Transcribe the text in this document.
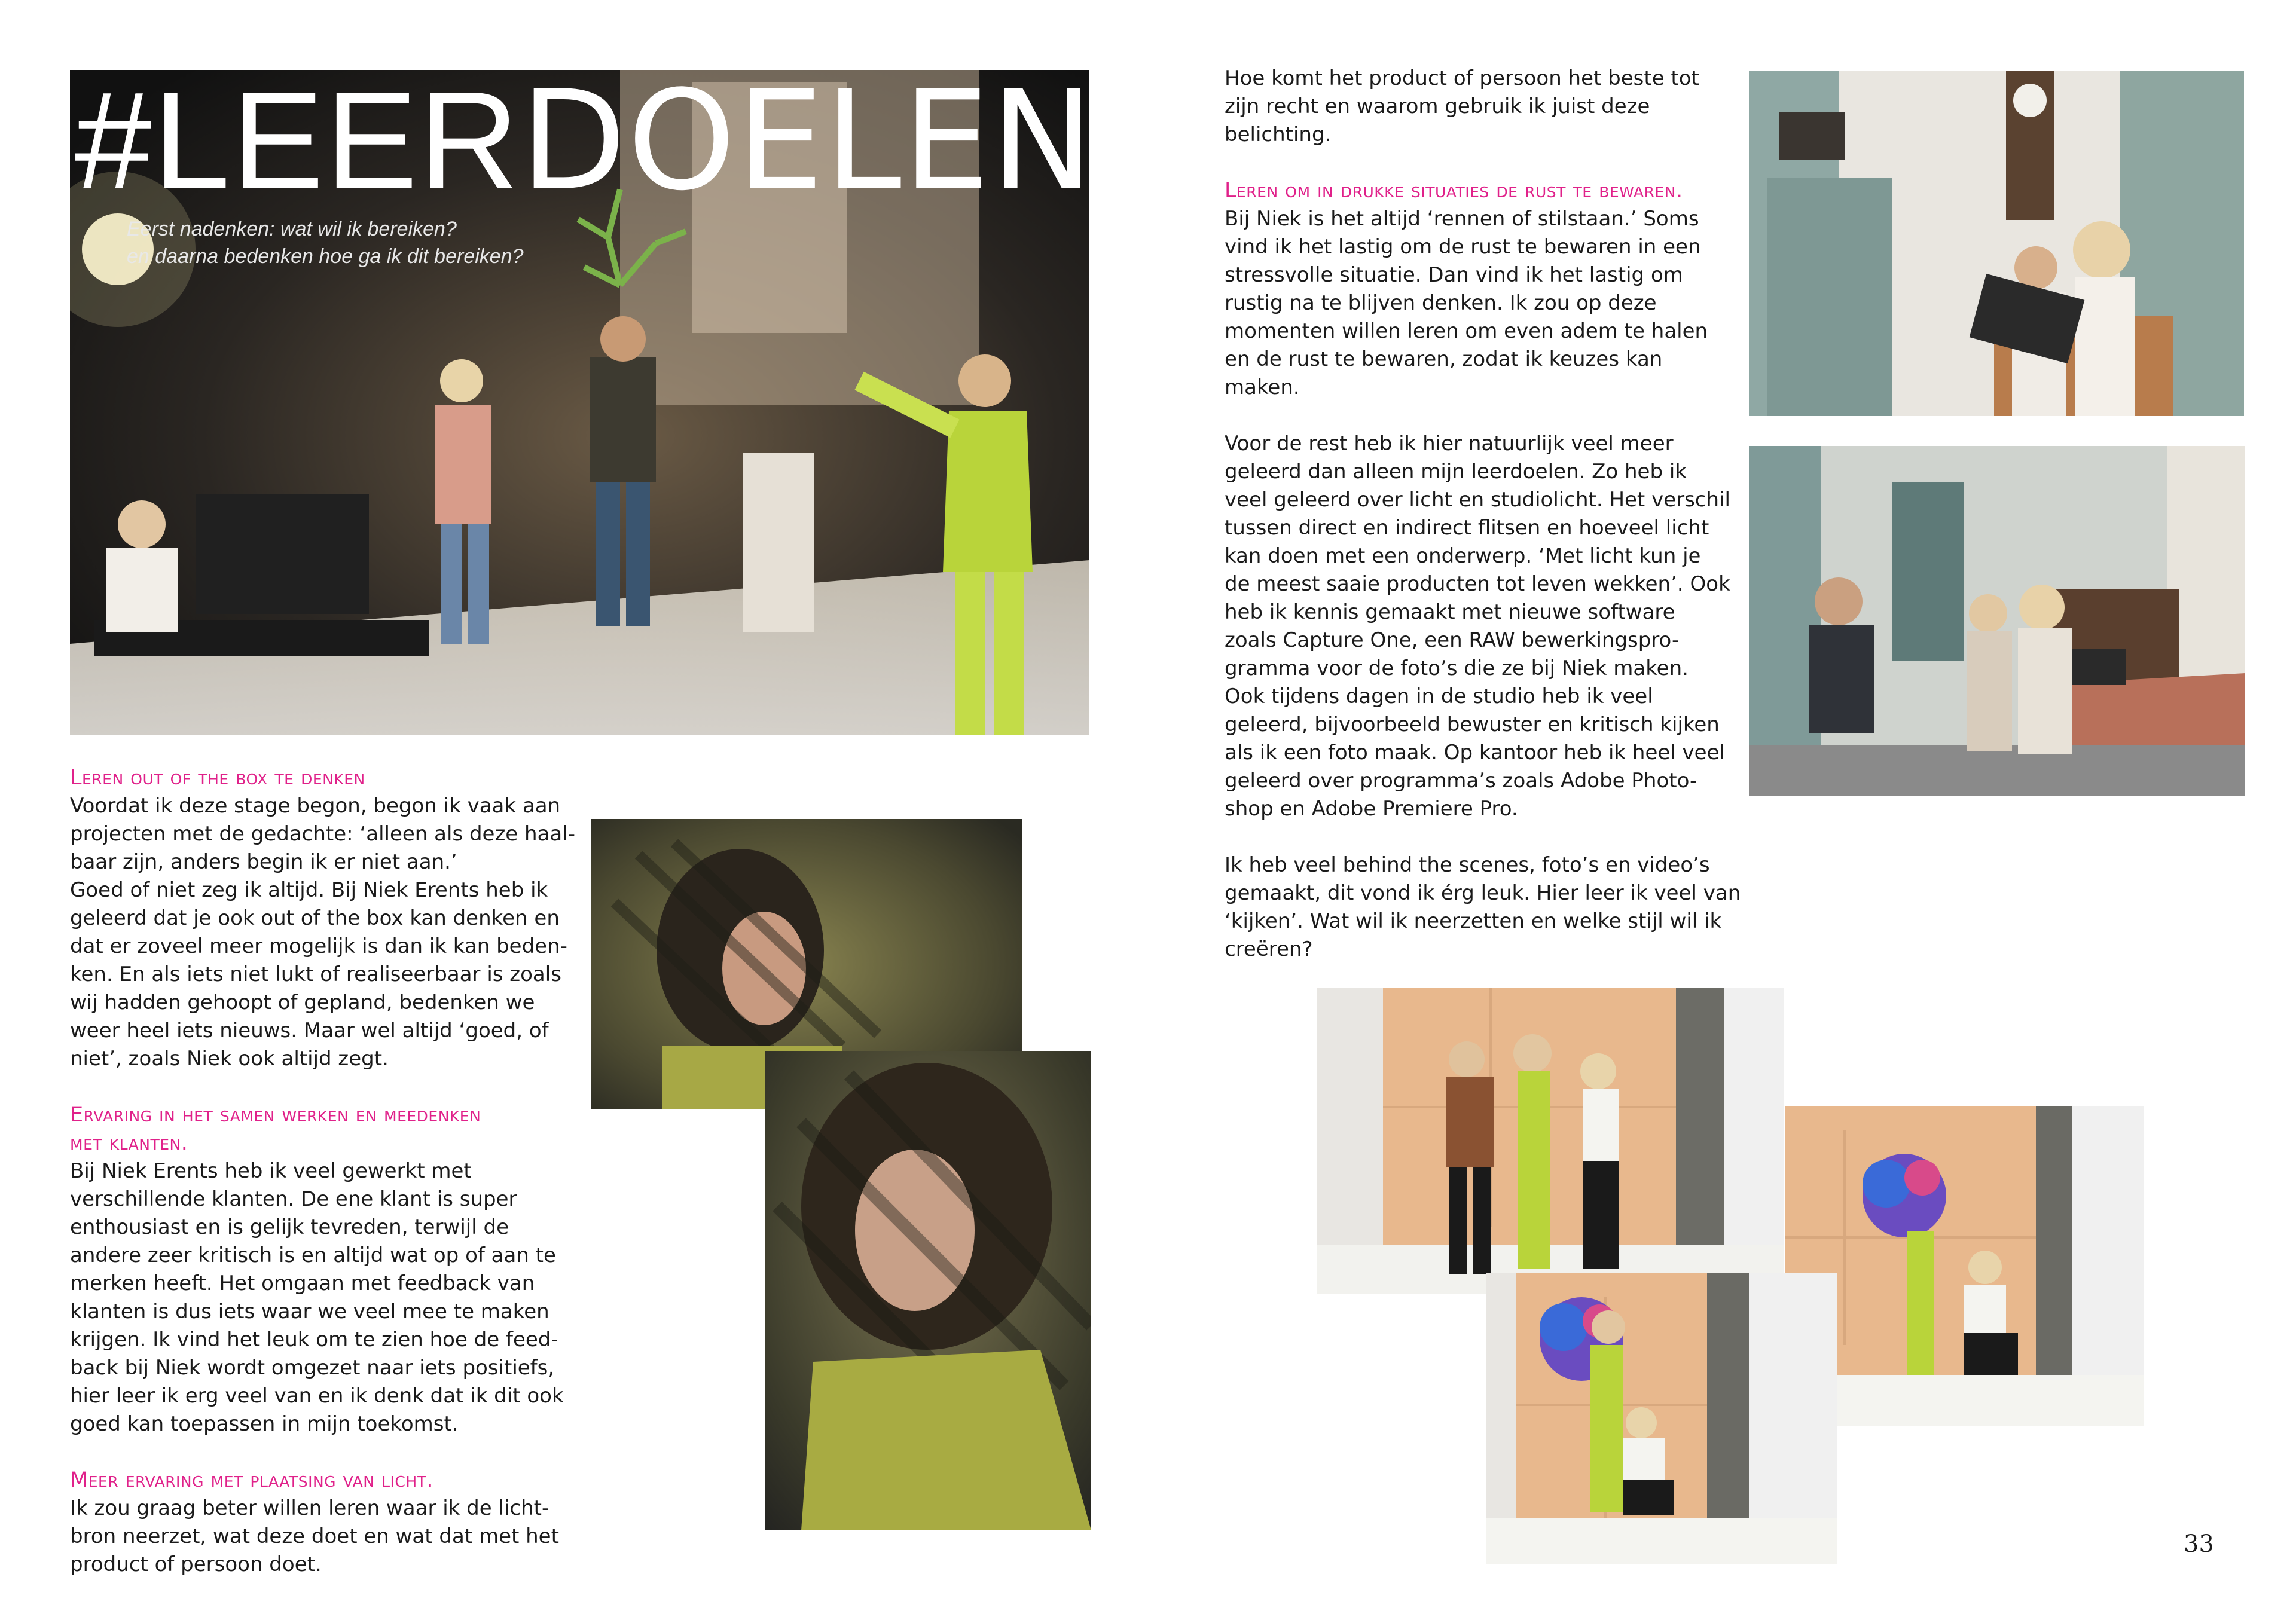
#LEERDOELEN
Eerst nadenken: wat wil ik bereiken?
en daarna bedenken hoe ga ik dit bereiken?

Leren out of the box te denken

Voordat ik deze stage begon, begon ik vaak aan
projecten met de gedachte: ‘alleen als deze haal-
baar zijn, anders begin ik er niet aan.’
Goed of niet zeg ik altijd. Bij Niek Erents heb ik
geleerd dat je ook out of the box kan denken en
dat er zoveel meer mogelijk is dan ik kan beden-
ken. En als iets niet lukt of realiseerbaar is zoals
wij hadden gehoopt of gepland, bedenken we
weer heel iets nieuws. Maar wel altijd ‘goed, of
niet’, zoals Niek ook altijd zegt.

Ervaring in het samen werken en meedenken
met klanten.

Bij Niek Erents heb ik veel gewerkt met
verschillende klanten. De ene klant is super
enthousiast en is gelijk tevreden, terwijl de
andere zeer kritisch is en altijd wat op of aan te
merken heeft. Het omgaan met feedback van
klanten is dus iets waar we veel mee te maken
krijgen. Ik vind het leuk om te zien hoe de feed-
back bij Niek wordt omgezet naar iets positiefs,
hier leer ik erg veel van en ik denk dat ik dit ook
goed kan toepassen in mijn toekomst.

Meer ervaring met plaatsing van licht.

Ik zou graag beter willen leren waar ik de licht-
bron neerzet, wat deze doet en wat dat met het
product of persoon doet.

Hoe komt het product of persoon het beste tot
zijn recht en waarom gebruik ik juist deze
belichting.

Leren om in drukke situaties de rust te bewaren.

Bij Niek is het altijd ‘rennen of stilstaan.’ Soms
vind ik het lastig om de rust te bewaren in een
stressvolle situatie. Dan vind ik het lastig om
rustig na te blijven denken. Ik zou op deze
momenten willen leren om even adem te halen
en de rust te bewaren, zodat ik keuzes kan
maken.

Voor de rest heb ik hier natuurlijk veel meer
geleerd dan alleen mijn leerdoelen. Zo heb ik
veel geleerd over licht en studiolicht. Het verschil
tussen direct en indirect flitsen en hoeveel licht
kan doen met een onderwerp. ‘Met licht kun je
de meest saaie producten tot leven wekken’. Ook
heb ik kennis gemaakt met nieuwe software
zoals Capture One, een RAW bewerkingspro-
gramma voor de foto’s die ze bij Niek maken.
Ook tijdens dagen in de studio heb ik veel
geleerd, bijvoorbeeld bewuster en kritisch kijken
als ik een foto maak. Op kantoor heb ik heel veel
geleerd over programma’s zoals Adobe Photo-
shop en Adobe Premiere Pro.

Ik heb veel behind the scenes, foto’s en video’s
gemaakt, dit vond ik érg leuk. Hier leer ik veel van
‘kijken’. Wat wil ik neerzetten en welke stijl wil ik
creëren?

33
